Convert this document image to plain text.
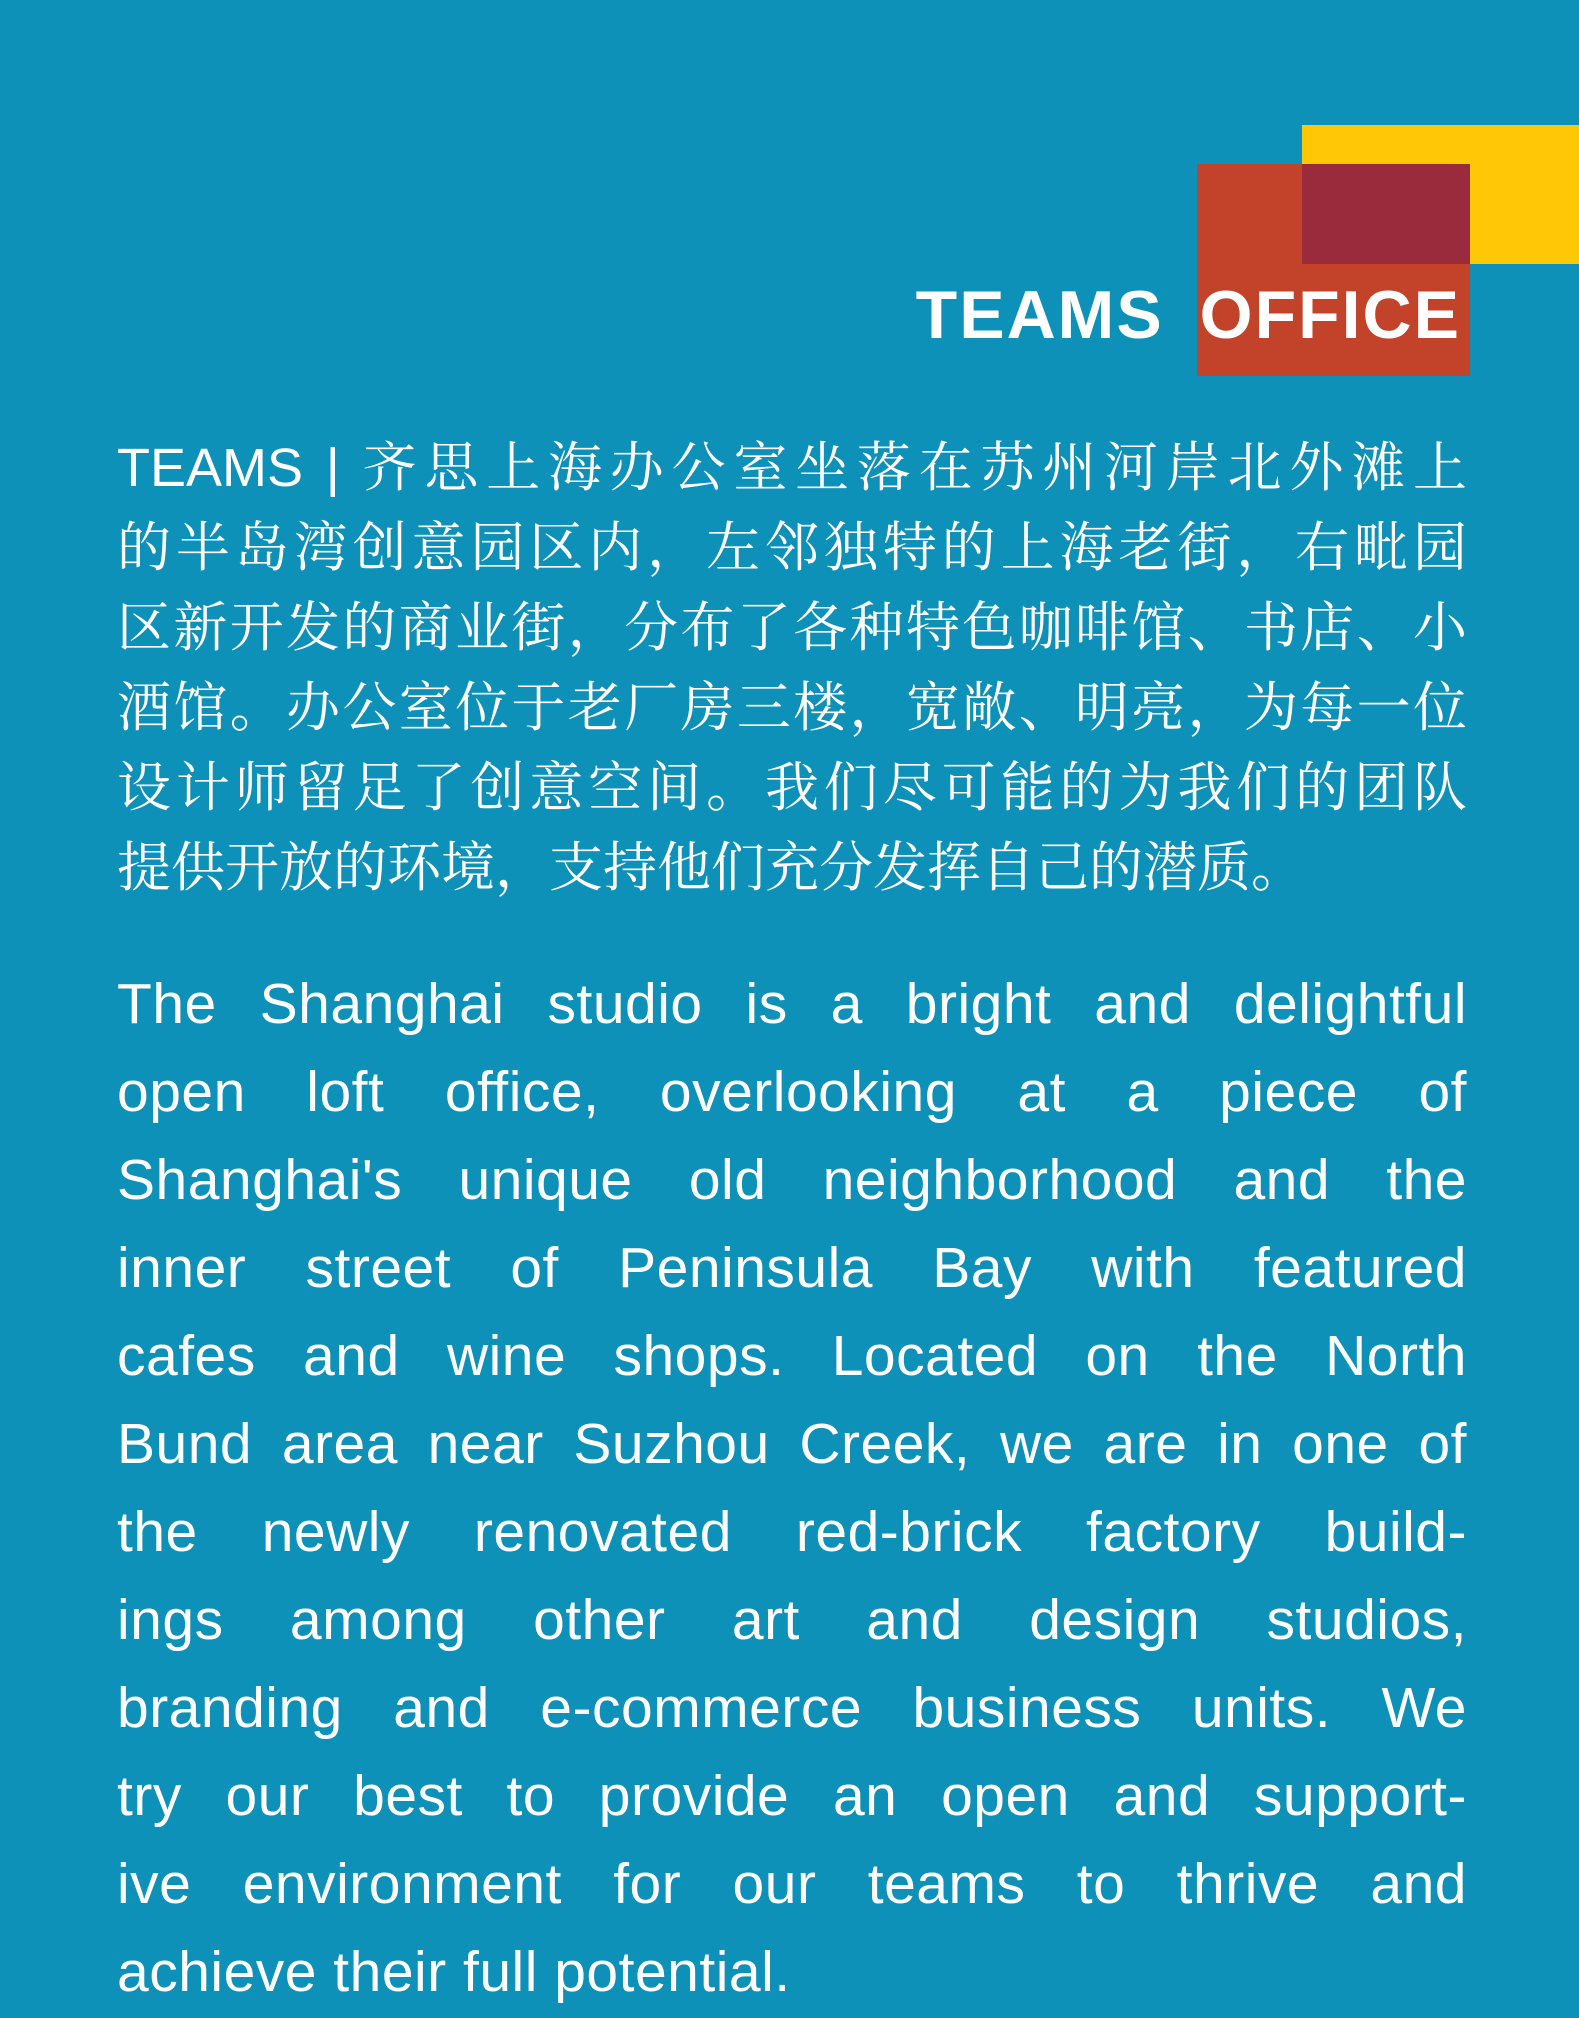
TEAMS OFFICE
TEAMS | 齐思上海办公室坐落在苏州河岸北外滩上
的半岛湾创意园区内，左邻独特的上海老街，右毗园
区新开发的商业街，分布了各种特色咖啡馆、书店、小
酒馆。办公室位于老厂房三楼，宽敞、明亮，为每一位
设计师留足了创意空间。我们尽可能的为我们的团队
提供开放的环境，支持他们充分发挥自己的潜质。
The Shanghai studio is a bright and delightful
open loft office, overlooking at a piece of
Shanghai's unique old neighborhood and the
inner street of Peninsula Bay with featured
cafes and wine shops. Located on the North
Bund area near Suzhou Creek, we are in one of
the newly renovated red-brick factory build-
ings among other art and design studios,
branding and e-commerce business units. We
try our best to provide an open and support-
ive environment for our teams to thrive and
achieve their full potential.
